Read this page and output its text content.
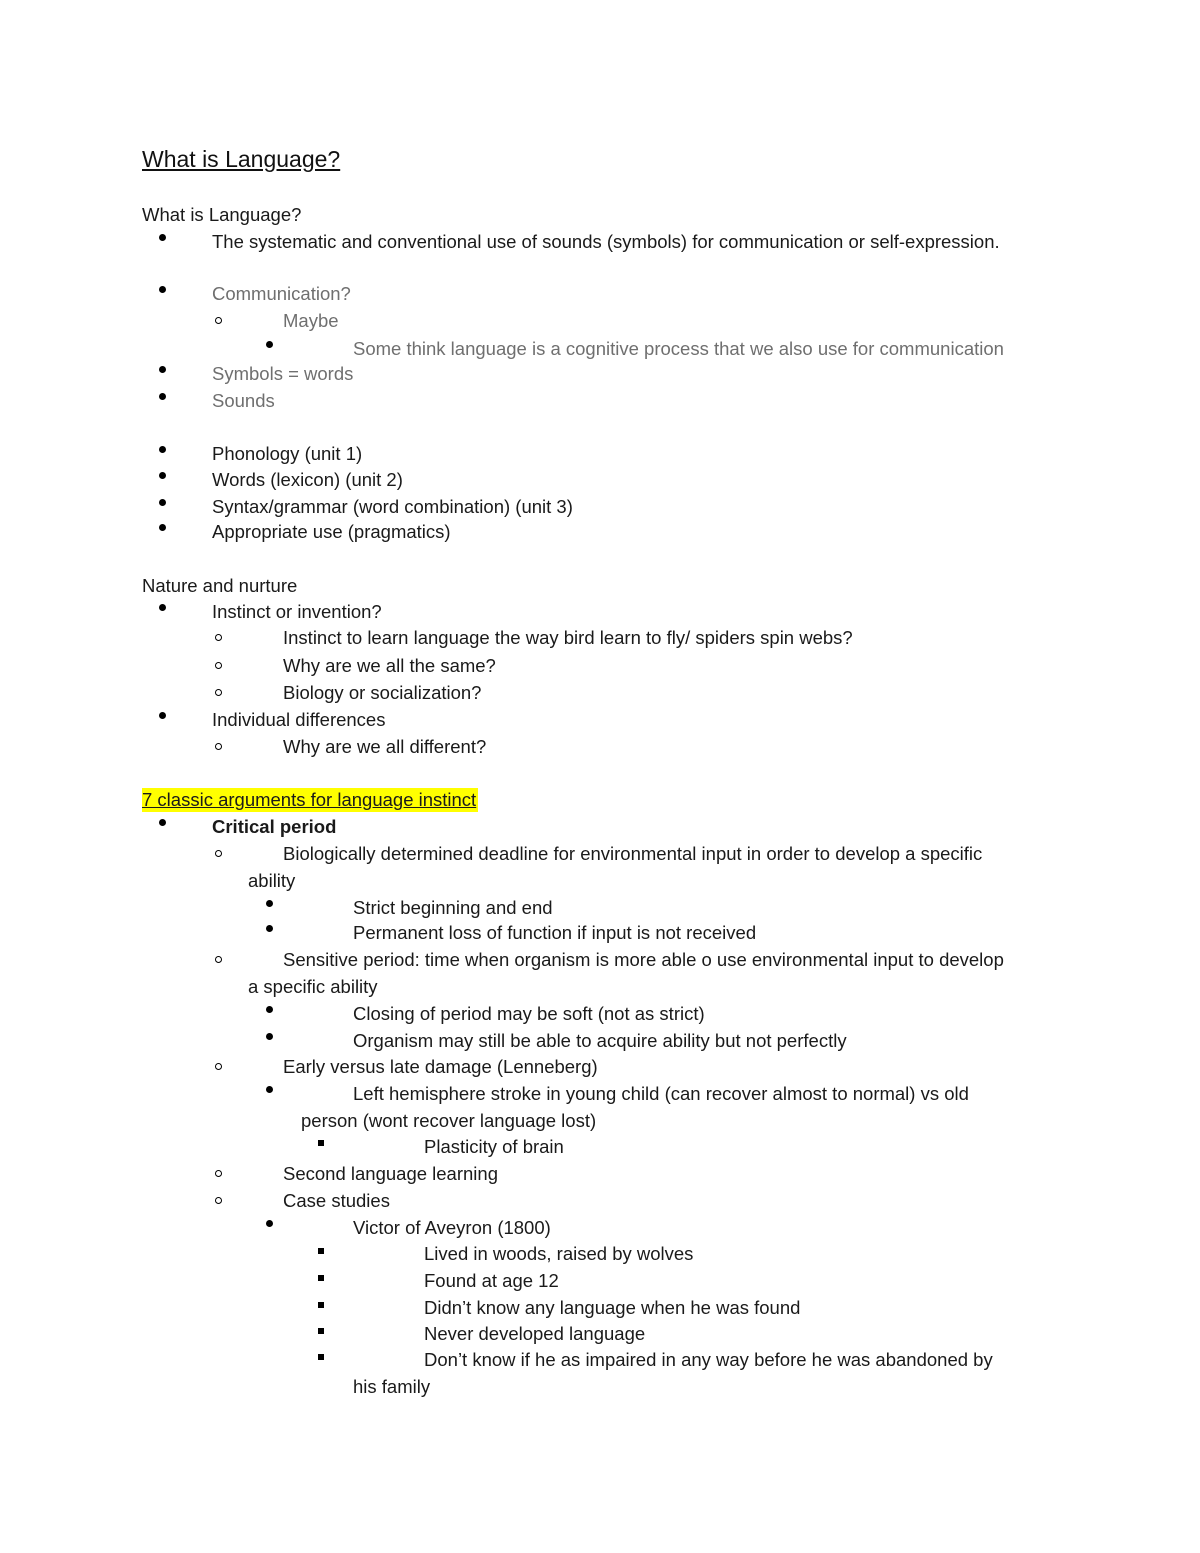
What is Language?
What is Language?
The systematic and conventional use of sounds (symbols) for communication or self-expression.
Communication?
Maybe
Some think language is a cognitive process that we also use for communication
Symbols = words
Sounds
Phonology (unit 1)
Words (lexicon) (unit 2)
Syntax/grammar (word combination) (unit 3)
Appropriate use (pragmatics)
Nature and nurture
Instinct or invention?
Instinct to learn language the way bird learn to fly/ spiders spin webs?
Why are we all the same?
Biology or socialization?
Individual differences
Why are we all different?
7 classic arguments for language instinct
Critical period
Biologically determined deadline for environmental input in order to develop a specific
ability
Strict beginning and end
Permanent loss of function if input is not received
Sensitive period: time when organism is more able o use environmental input to develop
a specific ability
Closing of period may be soft (not as strict)
Organism may still be able to acquire ability but not perfectly
Early versus late damage (Lenneberg)
Left hemisphere stroke in young child (can recover almost to normal) vs old
person (wont recover language lost)
Plasticity of brain
Second language learning
Case studies
Victor of Aveyron (1800)
Lived in woods, raised by wolves
Found at age 12
Didn’t know any language when he was found
Never developed language
Don’t know if he as impaired in any way before he was abandoned by
his family
